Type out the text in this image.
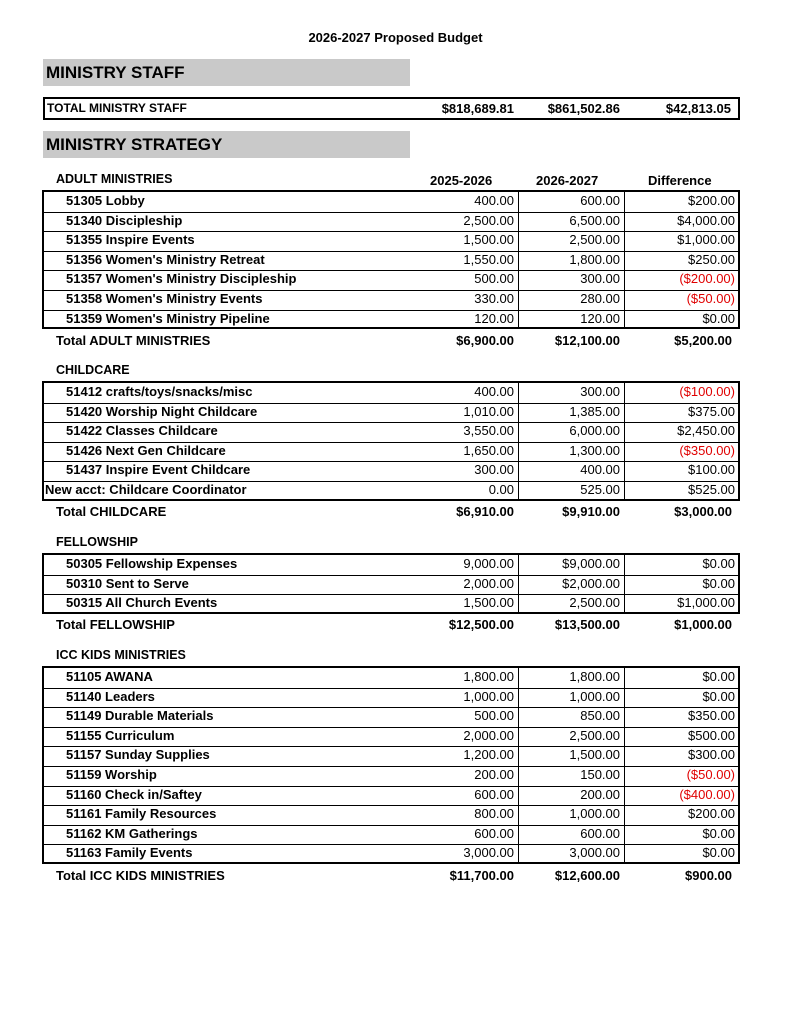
2026-2027 Proposed Budget
MINISTRY STAFF
TOTAL MINISTRY STAFF	$818,689.81	$861,502.86	$42,813.05
MINISTRY STRATEGY
2025-2026	2026-2027	Difference
ADULT MINISTRIES
51305 Lobby	400.00	600.00	$200.00
51340 Discipleship	2,500.00	6,500.00	$4,000.00
51355 Inspire Events	1,500.00	2,500.00	$1,000.00
51356 Women's Ministry Retreat	1,550.00	1,800.00	$250.00
51357 Women's Ministry Discipleship	500.00	300.00	($200.00)
51358 Women's Ministry Events	330.00	280.00	($50.00)
51359 Women's Ministry Pipeline	120.00	120.00	$0.00
Total ADULT MINISTRIES	$6,900.00	$12,100.00	$5,200.00
CHILDCARE
51412 crafts/toys/snacks/misc	400.00	300.00	($100.00)
51420 Worship Night Childcare	1,010.00	1,385.00	$375.00
51422 Classes Childcare	3,550.00	6,000.00	$2,450.00
51426 Next Gen Childcare	1,650.00	1,300.00	($350.00)
51437 Inspire Event Childcare	300.00	400.00	$100.00
New acct: Childcare Coordinator	0.00	525.00	$525.00
Total CHILDCARE	$6,910.00	$9,910.00	$3,000.00
FELLOWSHIP
50305 Fellowship Expenses	9,000.00	$9,000.00	$0.00
50310 Sent to Serve	2,000.00	$2,000.00	$0.00
50315 All Church Events	1,500.00	2,500.00	$1,000.00
Total FELLOWSHIP	$12,500.00	$13,500.00	$1,000.00
ICC KIDS MINISTRIES
51105 AWANA	1,800.00	1,800.00	$0.00
51140 Leaders	1,000.00	1,000.00	$0.00
51149 Durable Materials	500.00	850.00	$350.00
51155 Curriculum	2,000.00	2,500.00	$500.00
51157 Sunday Supplies	1,200.00	1,500.00	$300.00
51159 Worship	200.00	150.00	($50.00)
51160 Check in/Saftey	600.00	200.00	($400.00)
51161 Family Resources	800.00	1,000.00	$200.00
51162 KM Gatherings	600.00	600.00	$0.00
51163 Family Events	3,000.00	3,000.00	$0.00
Total ICC KIDS MINISTRIES	$11,700.00	$12,600.00	$900.00
